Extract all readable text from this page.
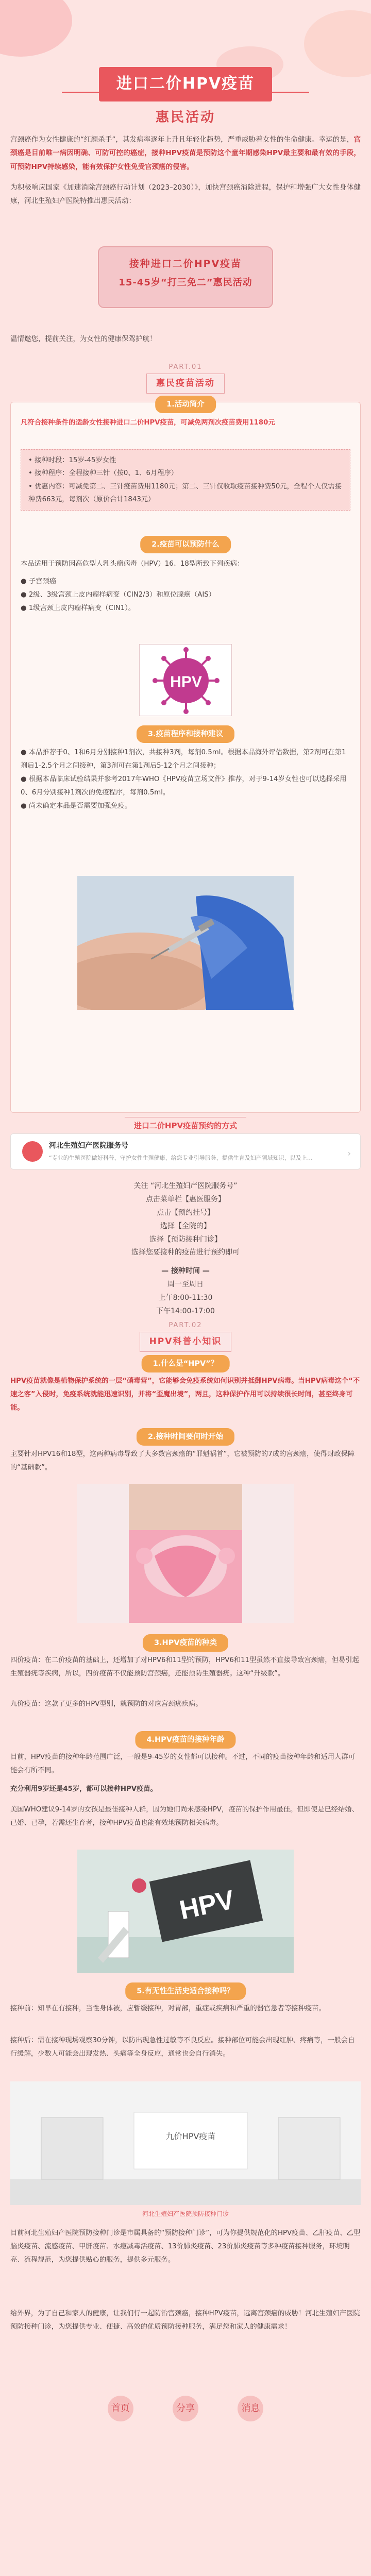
进口二价HPV疫苗
惠民活动

宫颈癌作为女性健康的“红颜杀手”，其发病率逐年上升且年轻化趋势，严重威胁着女性的生命健康。幸运的是，宫颈癌是目前唯一病因明确、可防可控的癌症，接种HPV疫苗是预防这个童年期感染HPV最主要和最有效的手段，可预防HPV持续感染，能有效保护女性免受宫颈癌的侵害。

为积极响应国家《加速消除宫颈癌行动计划（2023–2030）》，加快宫颈癌消除进程，保护和增强广大女性身体健康，河北生殖妇产医院特推出惠民活动：

接种进口二价HPV疫苗
15-45岁“打三免二”惠民活动
温情邀您，提前关注，为女性的健康保驾护航！
PART.01
惠民疫苗活动
1.活动简介
凡符合接种条件的适龄女性接种进口二价HPV疫苗，可减免两剂次疫苗费用1180元
• 接种时段：15岁-45岁女性
• 接种程序：全程接种三针（按0、1、6月程序）
• 优惠内容：可减免第二、三针疫苗费用1180元；第二、三针仅收取疫苗接种费50元，全程个人仅需接种费663元，每剂次（原价合计1843元）
2.疫苗可以预防什么
本品适用于预防因高危型人乳头瘤病毒（HPV）16、18型所致下列疾病：
● 子宫颈癌
● 2级、3级宫颈上皮内瘤样病变（CIN2/3）和原位腺癌（AIS）
● 1级宫颈上皮内瘤样病变（CIN1）。
HPV
3.疫苗程序和接种建议
● 本品推荐于0、1和6月分别接种1剂次，共接种3剂，每剂0.5ml。根据本品海外评估数据，第2剂可在第1剂后1-2.5个月之间接种，第3剂可在第1剂后5-12个月之间接种；
● 根据本品临床试验结果并参考2017年WHO《HPV疫苗立场文件》推荐，对于9-14岁女性也可以选择采用0、6月分别接种1剂次的免疫程序，每剂0.5ml。
● 尚未确定本品是否需要加强免疫。
进口二价HPV疫苗预约的方式
河北生殖妇产医院服务号
“专业的生殖医院做好科普，守护女性生殖健康，给您专业引导服务，提供生育及妇产领域知识，以及上…	›
关注 “河北生殖妇产医院服务号”
点击菜单栏【惠医服务】
点击【预约挂号】
选择【全院的】
选择【预防接种门诊】
选择您要接种的疫苗进行预约即可
— 接种时间 —
周一至周日
上午8:00-11:30
下午14:00-17:00
PART.02
HPV科普小知识
1.什么是“HPV”？
HPV疫苗就像是植物保护系统的一层“硝毒营”，它能够会免疫系统如何识别并抵御HPV病毒。当HPV病毒这个“不速之客”入侵时，免疫系统就能迅速识别，并将“歪魔出境”，两且，这种保护作用可以持续很长时间，甚至终身可能。
2.接种时间要何时开始
主要针对HPV16和18型，这两种病毒导致了大多数宫颈癌的“罪魁祸首”，它被预防的7成的宫颈癌，使得财政保障的“基础款”。
3.HPV疫苗的种类
四价疫苗：在二价疫苗的基础上，还增加了对HPV6和11型的预防，HPV6和11型虽然不直接导致宫颈癌，但易引起生殖器疣等疾病，所以，四价疫苗不仅能预防宫颈癌，还能预防生殖器疣。这种“升级款”。
九价疫苗：这款了更多的HPV型别，就预防的对应宫颈癌疾病。
4.HPV疫苗的接种年龄
目前，HPV疫苗的接种年龄范围广泛，一般是9-45岁的女性都可以接种。不过，不同的疫苗接种年龄和适用人群可能会有所不同。
充分利用9岁还是45岁，都可以接种HPV疫苗。
美国WHO建议9-14岁的女孩是最佳接种人群，因为她们尚未感染HPV，疫苗的保护作用最佳。但即使是已经结婚、已婚、已孕，若需还生育者，接种HPV疫苗也能有效地预防相关病毒。
HPV
5.有无性生活史适合接种吗？
接种前：知早在有接种，当性身体被，应暂缓接种，对胃部，重症或疾病和严重的器官急者等接种疫苗。
接种后：需在接种现场观察30分钟，以防出现急性过敏等不良反应。接种部位可能会出现红肿、疼痛等，一般会自行缓解，少数人可能会出现发热、头痛等全身反应，通常也会自行消失。
九价HPV疫苗
河北生殖妇产医院预防接种门诊
目前河北生殖妇产医院预防接种门诊是市属具备的“预防接种门诊”，可为你提供规范化的HPV疫苗、乙肝疫苗、乙型脑炎疫苗、流感疫苗、甲肝疫苗、水痘减毒活疫苗、13价肺炎疫苗、23价肺炎疫苗等多种疫苗接种服务，环境明亮、流程规范，为您提供贴心的服务，提供多元服务。
给外界，为了自己和家人的健康，让我们行一起防治宫颈癌，接种HPV疫苗，远离宫颈癌的威胁！河北生殖妇产医院预防接种门诊，为您提供专业、便捷、高效的优质预防接种服务，满足您和家人的健康需求！
首页	分享	消息
